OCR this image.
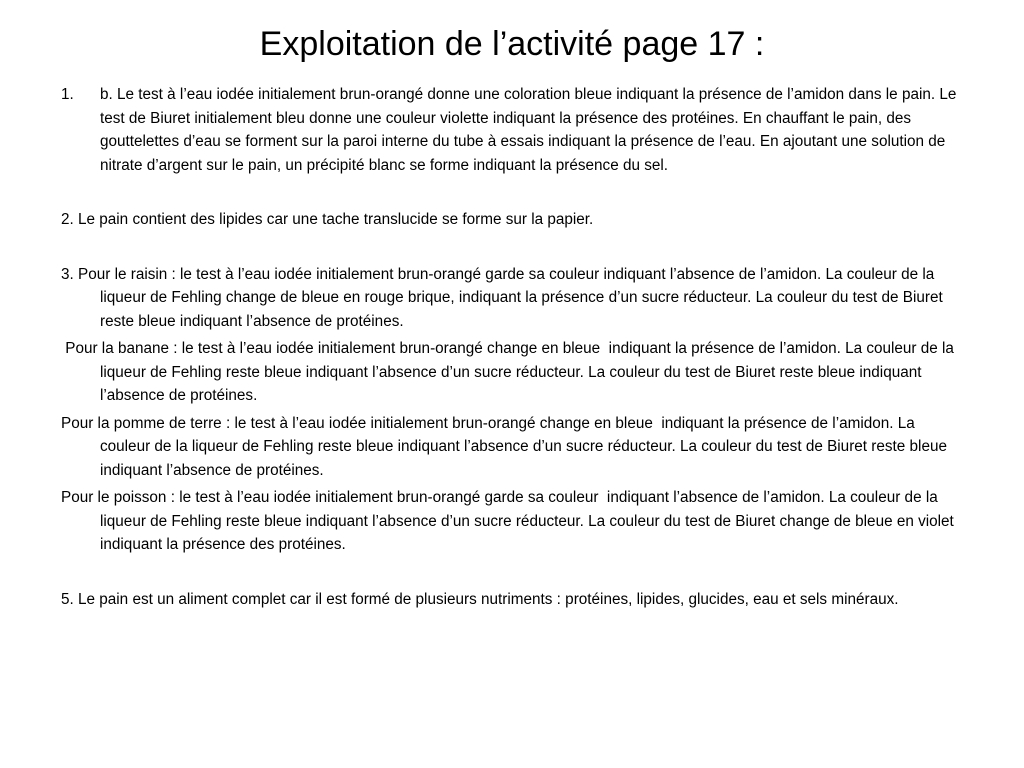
Exploitation de l’activité page 17 :
1. b. Le test à l’eau iodée initialement brun-orangé donne une coloration bleue indiquant la présence de l’amidon dans le pain. Le test de Biuret initialement bleu donne une couleur violette indiquant la présence des protéines. En chauffant le pain, des gouttelettes d’eau se forment sur la paroi interne du tube à essais indiquant la présence de l’eau. En ajoutant une solution de nitrate d’argent sur le pain, un précipité blanc se forme indiquant la présence du sel.

2. Le pain contient des lipides car une tache translucide se forme sur la papier.

3. Pour le raisin : le test à l’eau iodée initialement brun-orangé garde sa couleur indiquant l’absence de l’amidon. La couleur de la liqueur de Fehling change de bleue en rouge brique, indiquant la présence d’un sucre réducteur. La couleur du test de Biuret reste bleue indiquant l’absence de protéines.

Pour la banane : le test à l’eau iodée initialement brun-orangé change en bleue  indiquant la présence de l’amidon. La couleur de la liqueur de Fehling reste bleue indiquant l’absence d’un sucre réducteur. La couleur du test de Biuret reste bleue indiquant l’absence de protéines.

Pour la pomme de terre : le test à l’eau iodée initialement brun-orangé change en bleue  indiquant la présence de l’amidon. La couleur de la liqueur de Fehling reste bleue indiquant l’absence d’un sucre réducteur. La couleur du test de Biuret reste bleue indiquant l’absence de protéines.

Pour le poisson : le test à l’eau iodée initialement brun-orangé garde sa couleur  indiquant l’absence de l’amidon. La couleur de la liqueur de Fehling reste bleue indiquant l’absence d’un sucre réducteur. La couleur du test de Biuret change de bleue en violet indiquant la présence des protéines.

5. Le pain est un aliment complet car il est formé de plusieurs nutriments : protéines, lipides, glucides, eau et sels minéraux.
